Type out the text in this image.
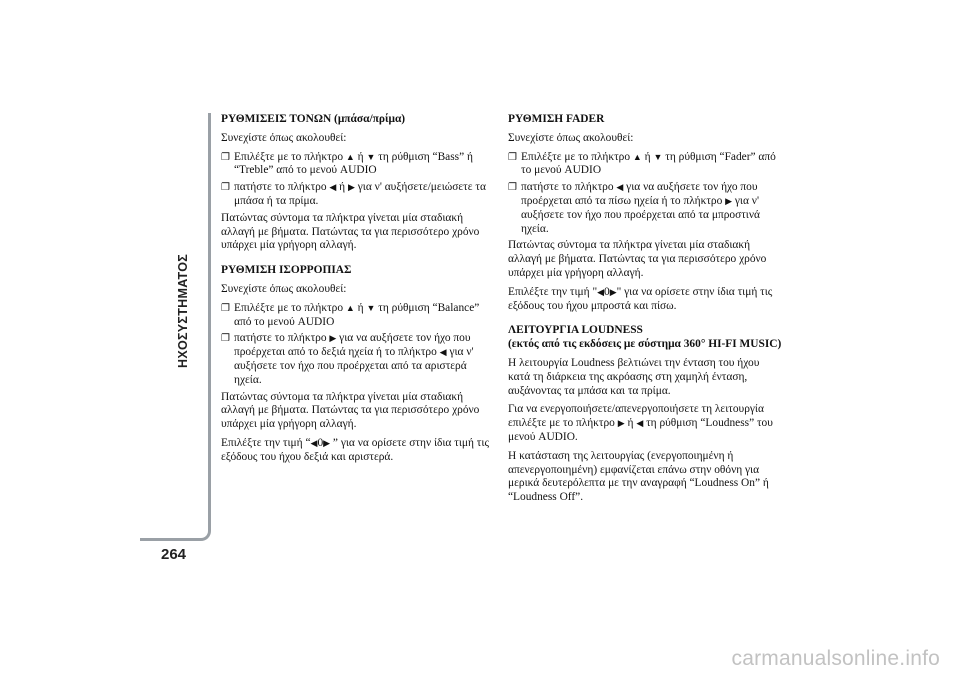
ΗΧΟΣΥΣΤΗΜΑΤΟΣ
264
ΡΥΘΜΙΣΕΙΣ ΤΟΝΩΝ (μπάσα/πρίμα)

Συνεχίστε όπως ακολουθεί:

❐ Επιλέξτε με το πλήκτρο ▲ ή ▼ τη ρύθμιση “Bass” ή “Treble” από το μενού AUDIO
❐ πατήστε το πλήκτρο ◀ ή ▶ για ν' αυξήσετε/μειώσετε τα μπάσα ή τα πρίμα.

Πατώντας σύντομα τα πλήκτρα γίνεται μία σταδιακή αλλαγή με βήματα. Πατώντας τα για περισσότερο χρόνο υπάρχει μία γρήγορη αλλαγή.

ΡΥΘΜΙΣΗ ΙΣΟΡΡΟΠΙΑΣ

Συνεχίστε όπως ακολουθεί:

❐ Επιλέξτε με το πλήκτρο ▲ ή ▼ τη ρύθμιση “Balance” από το μενού AUDIO
❐ πατήστε το πλήκτρο ▶ για να αυξήσετε τον ήχο που προέρχεται από το δεξιά ηχεία ή το πλήκτρο ◀ για ν' αυξήσετε τον ήχο που προέρχεται από τα αριστερά ηχεία.

Πατώντας σύντομα τα πλήκτρα γίνεται μία σταδιακή αλλαγή με βήματα. Πατώντας τα για περισσότερο χρόνο υπάρχει μία γρήγορη αλλαγή.

Επιλέξτε την τιμή “◀0▶ ” για να ορίσετε στην ίδια τιμή τις εξόδους του ήχου δεξιά και αριστερά.

ΡΥΘΜΙΣΗ FADER

Συνεχίστε όπως ακολουθεί:

❐ Επιλέξτε με το πλήκτρο ▲ ή ▼ τη ρύθμιση “Fader” από το μενού AUDIO
❐ πατήστε το πλήκτρο ◀ για να αυξήσετε τον ήχο που προέρχεται από τα πίσω ηχεία ή το πλήκτρο ▶ για ν' αυξήσετε τον ήχο που προέρχεται από τα μπροστινά ηχεία.

Πατώντας σύντομα τα πλήκτρα γίνεται μία σταδιακή αλλαγή με βήματα. Πατώντας τα για περισσότερο χρόνο υπάρχει μία γρήγορη αλλαγή.

Επιλέξτε την τιμή "◀0▶" για να ορίσετε στην ίδια τιμή τις εξόδους του ήχου μπροστά και πίσω.

ΛΕΙΤΟΥΡΓΙΑ LOUDNESS
(εκτός από τις εκδόσεις με σύστημα 360° HI-FI MUSIC)

Η λειτουργία Loudness βελτιώνει την ένταση του ήχου κατά τη διάρκεια της ακρόασης στη χαμηλή ένταση, αυξάνοντας τα μπάσα και τα πρίμα.

Για να ενεργοποιήσετε/απενεργοποιήσετε τη λειτουργία επιλέξτε με το πλήκτρο ▶ ή ◀ τη ρύθμιση “Loudness” του μενού AUDIO.

Η κατάσταση της λειτουργίας (ενεργοποιημένη ή απενεργοποιημένη) εμφανίζεται επάνω στην οθόνη για μερικά δευτερόλεπτα με την αναγραφή “Loudness On” ή “Loudness Off”.

carmanualsonline.info
